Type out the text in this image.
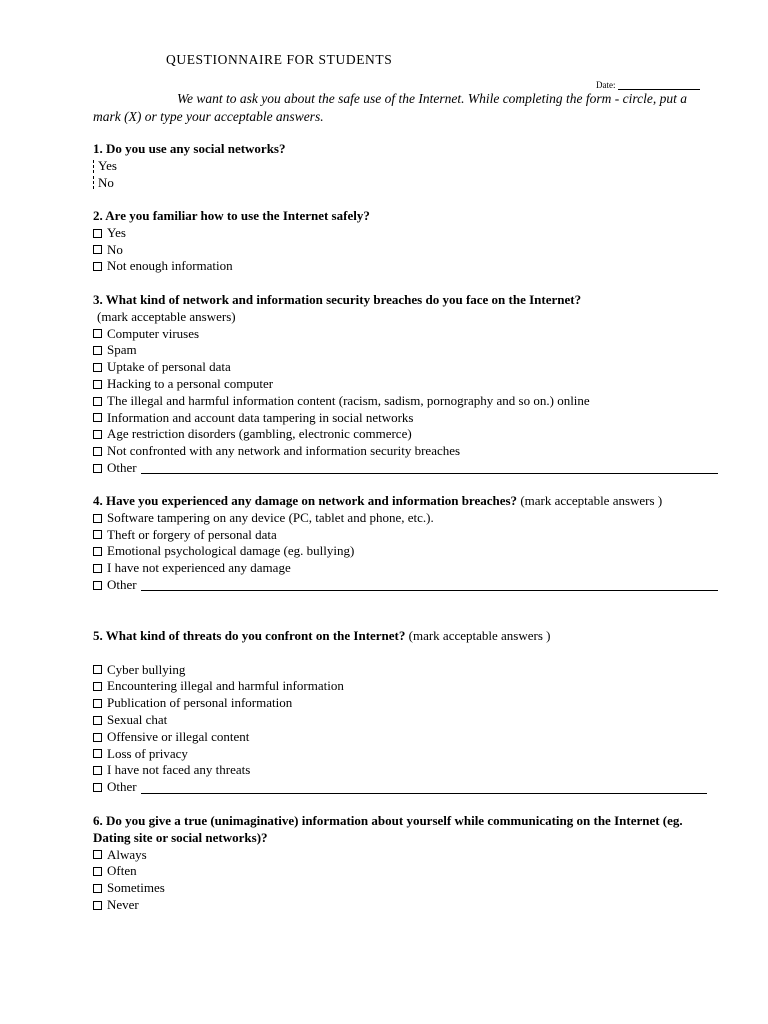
QUESTIONNAIRE FOR STUDENTS
Date:
We want to ask you about the safe use of the Internet. While completing the form - circle, put a mark (X) or type your acceptable answers.
1. Do you use any social networks?
Yes
No
2. Are you familiar how to use the Internet safely?
Yes
No
Not enough information
3. What kind of network and information security breaches do you face on the Internet?
(mark acceptable answers)
Computer viruses
Spam
Uptake of personal data
Hacking to a personal computer
The illegal and harmful information content (racism, sadism, pornography and so on.) online
Information and account data tampering in social networks
Age restriction disorders (gambling, electronic commerce)
Not confronted with any network and information security breaches
Other
4. Have you experienced any damage on network and information breaches? (mark acceptable answers )
Software tampering on any device (PC, tablet and phone, etc.).
Theft or forgery of personal data
Emotional psychological damage (eg. bullying)
I have not experienced any damage
Other
5. What kind of threats do you confront on the Internet? (mark acceptable answers )
Cyber bullying
Encountering illegal and harmful information
Publication of personal information
Sexual chat
Offensive or illegal content
Loss of privacy
I have not faced any threats
Other
6. Do you give a true (unimaginative) information about yourself while communicating on the Internet (eg. Dating site or social networks)?
Always
Often
Sometimes
Never
